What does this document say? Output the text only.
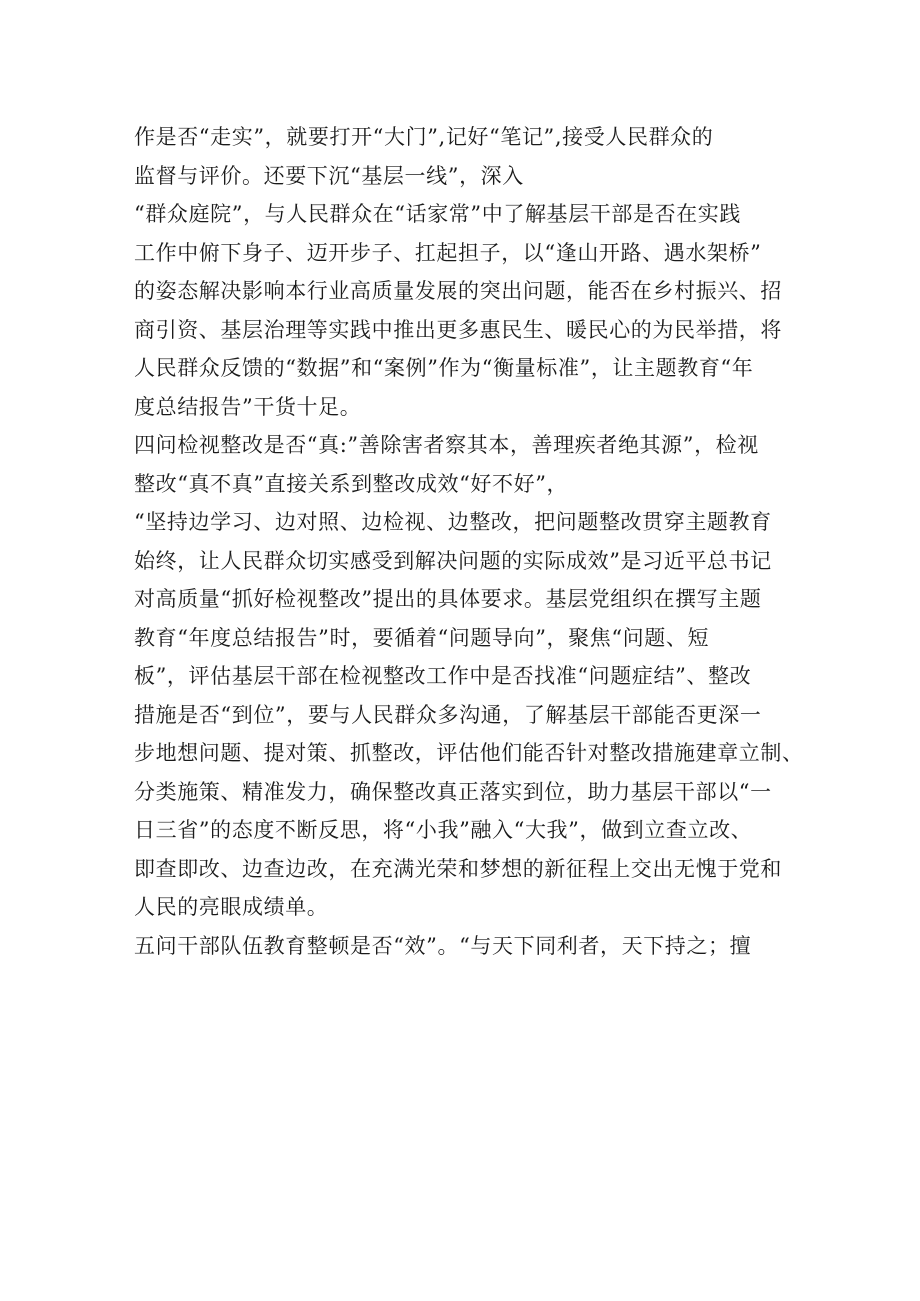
作是否“走实”，就要打开“大门”,记好“笔记”,接受人民群众的
监督与评价。还要下沉“基层一线”，深入
“群众庭院”，与人民群众在“话家常”中了解基层干部是否在实践
工作中俯下身子、迈开步子、扛起担子，以“逢山开路、遇水架桥”
的姿态解决影响本行业高质量发展的突出问题，能否在乡村振兴、招
商引资、基层治理等实践中推出更多惠民生、暖民心的为民举措，将
人民群众反馈的“数据”和“案例”作为“衡量标准”，让主题教育“年
度总结报告”干货十足。
四问检视整改是否“真:”善除害者察其本，善理疾者绝其源”，检视
整改“真不真”直接关系到整改成效“好不好”，
“坚持边学习、边对照、边检视、边整改，把问题整改贯穿主题教育
始终，让人民群众切实感受到解决问题的实际成效”是习近平总书记
对高质量“抓好检视整改”提出的具体要求。基层党组织在撰写主题
教育“年度总结报告”时，要循着“问题导向”，聚焦“问题、短
板”，评估基层干部在检视整改工作中是否找准“问题症结”、整改
措施是否“到位”，要与人民群众多沟通，了解基层干部能否更深一
步地想问题、提对策、抓整改，评估他们能否针对整改措施建章立制、
分类施策、精准发力，确保整改真正落实到位，助力基层干部以“一
日三省”的态度不断反思，将“小我”融入“大我”，做到立查立改、
即查即改、边查边改，在充满光荣和梦想的新征程上交出无愧于党和
人民的亮眼成绩单。
五问干部队伍教育整顿是否“效”。“与天下同利者，天下持之；擅
